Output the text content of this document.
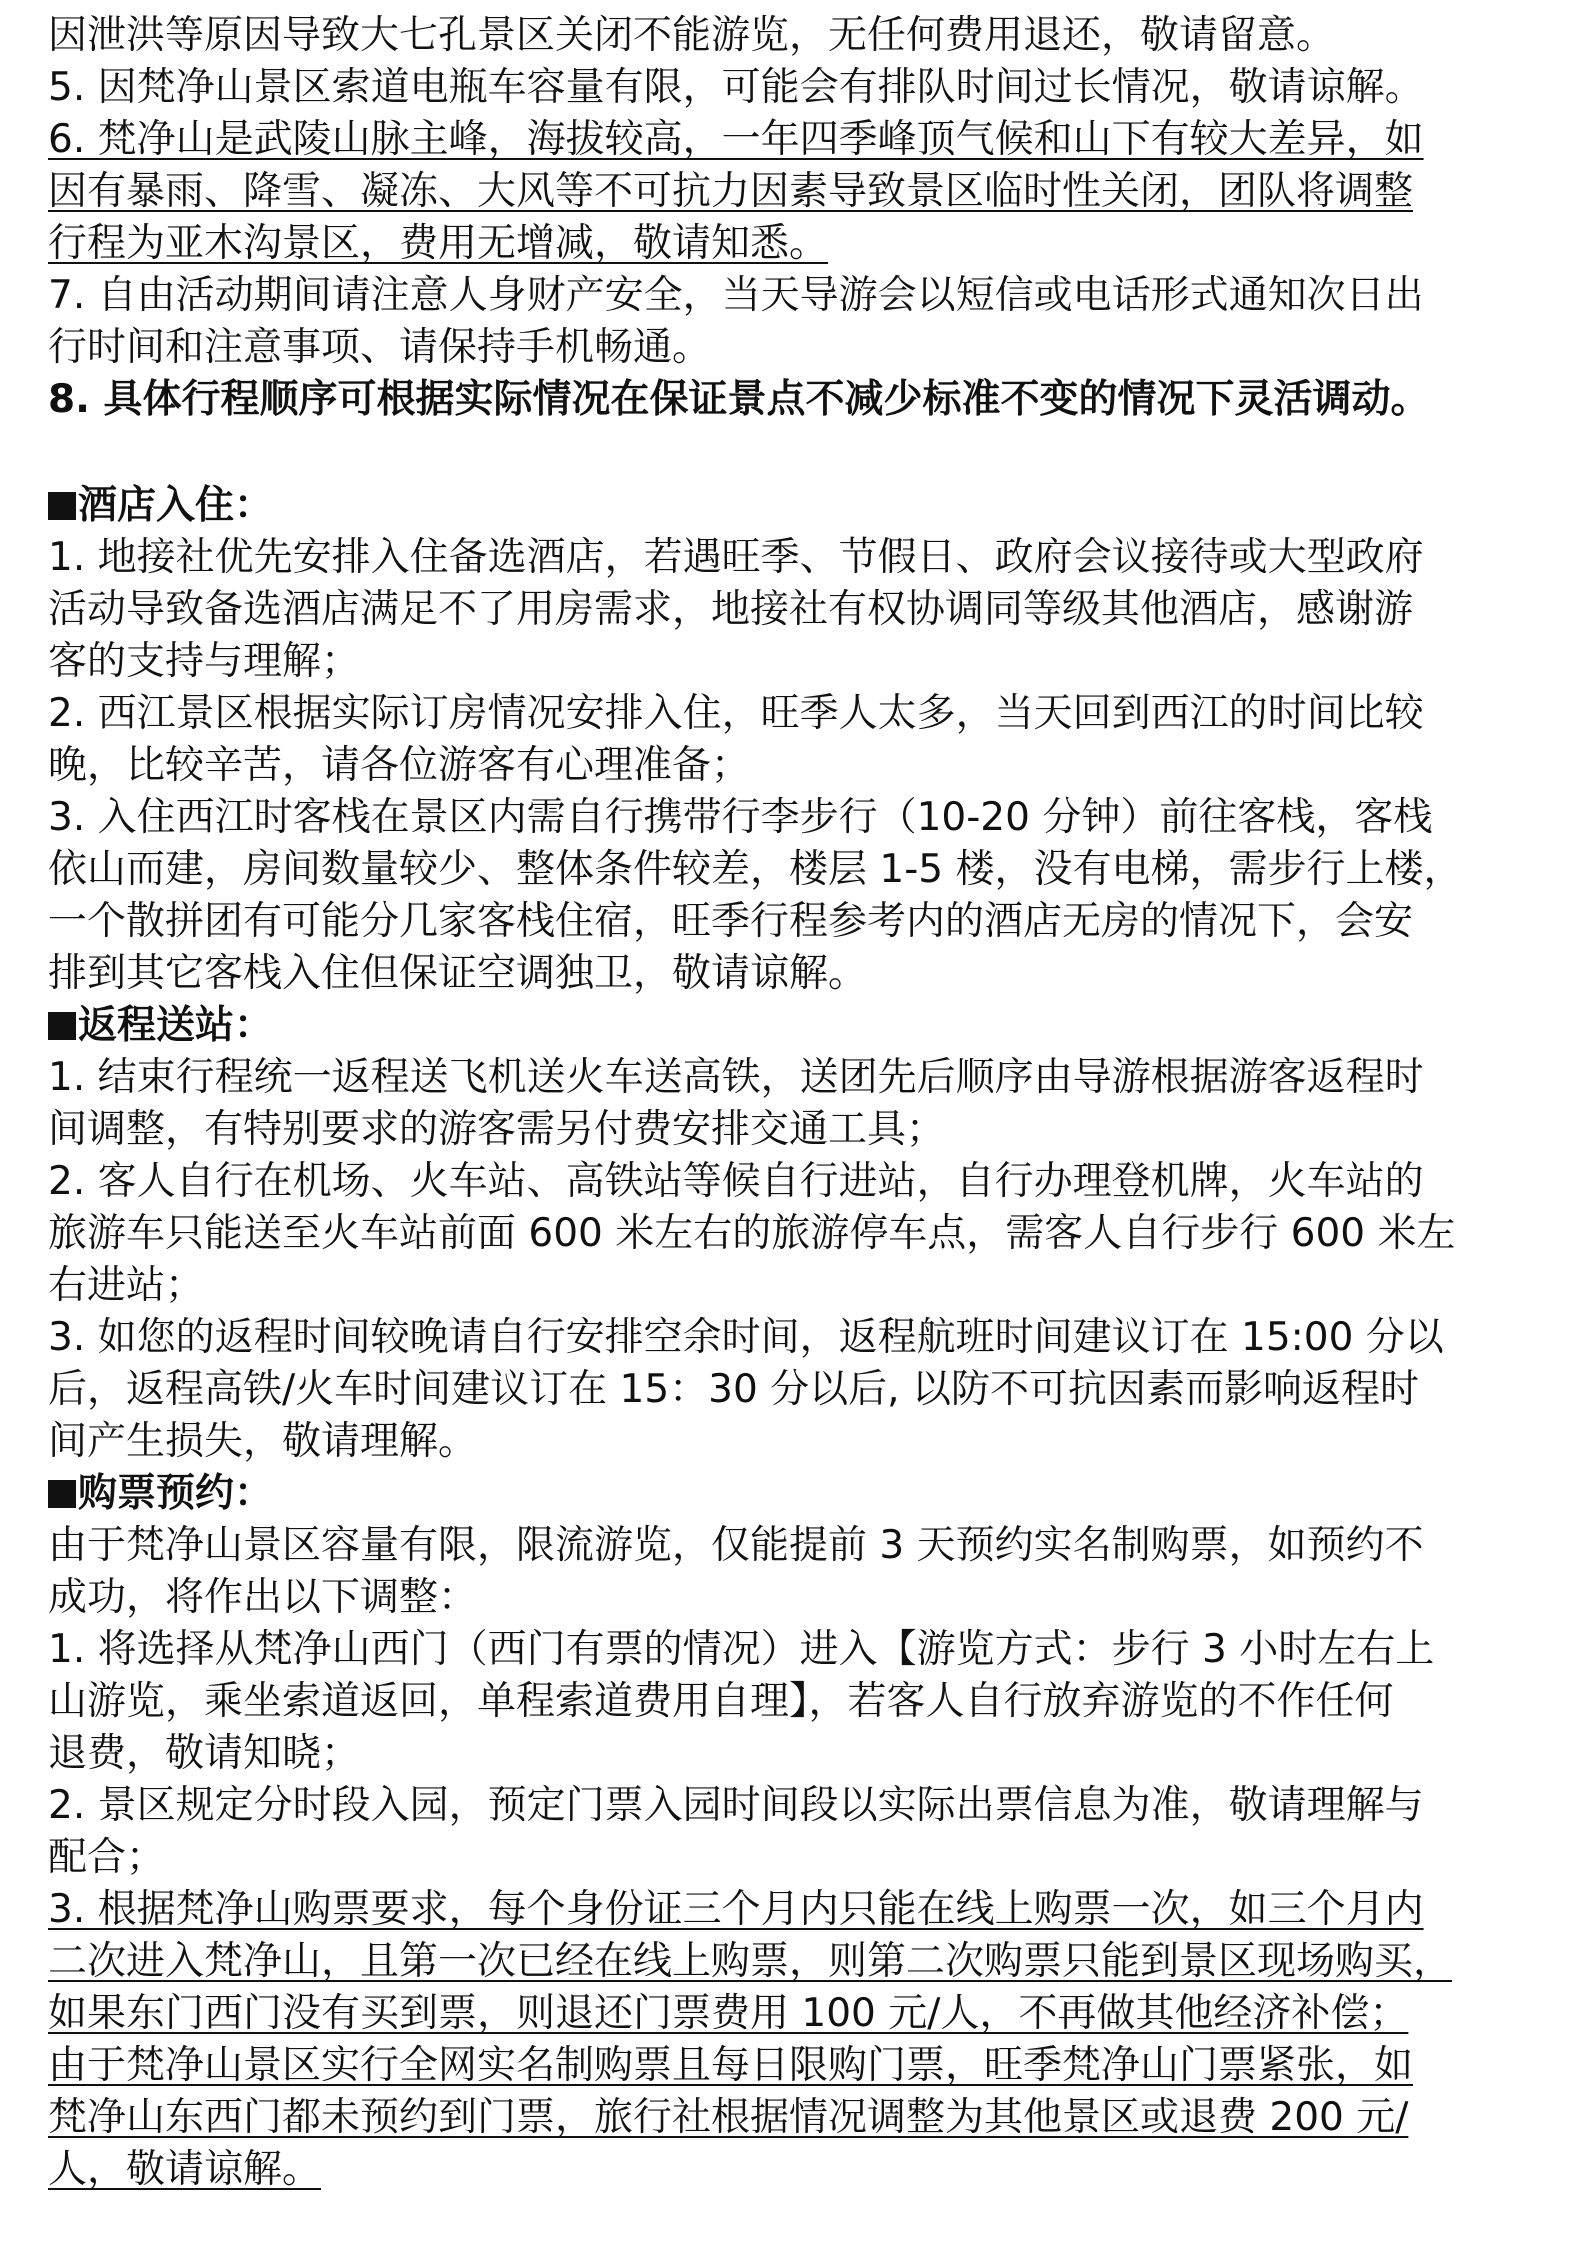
因泄洪等原因导致大七孔景区关闭不能游览，无任何费用退还，敬请留意。
5. 因梵净山景区索道电瓶车容量有限，可能会有排队时间过长情况，敬请谅解。
6. 梵净山是武陵山脉主峰，海拔较高，一年四季峰顶气候和山下有较大差异，如
因有暴雨、降雪、凝冻、大风等不可抗力因素导致景区临时性关闭，团队将调整
行程为亚木沟景区，费用无增减，敬请知悉。
7. 自由活动期间请注意人身财产安全，当天导游会以短信或电话形式通知次日出
行时间和注意事项、请保持手机畅通。
8. 具体行程顺序可根据实际情况在保证景点不减少标准不变的情况下灵活调动。
酒店入住：
1. 地接社优先安排入住备选酒店，若遇旺季、节假日、政府会议接待或大型政府
活动导致备选酒店满足不了用房需求，地接社有权协调同等级其他酒店，感谢游
客的支持与理解；
2. 西江景区根据实际订房情况安排入住，旺季人太多，当天回到西江的时间比较
晚，比较辛苦，请各位游客有心理准备；
3. 入住西江时客栈在景区内需自行携带行李步行（10-20 分钟）前往客栈，客栈
依山而建，房间数量较少、整体条件较差，楼层 1-5 楼，没有电梯，需步行上楼，
一个散拼团有可能分几家客栈住宿，旺季行程参考内的酒店无房的情况下，会安
排到其它客栈入住但保证空调独卫，敬请谅解。
返程送站：
1. 结束行程统一返程送飞机送火车送高铁，送团先后顺序由导游根据游客返程时
间调整，有特别要求的游客需另付费安排交通工具；
2. 客人自行在机场、火车站、高铁站等候自行进站，自行办理登机牌，火车站的
旅游车只能送至火车站前面 600 米左右的旅游停车点，需客人自行步行 600 米左
右进站；
3. 如您的返程时间较晚请自行安排空余时间，返程航班时间建议订在 15:00 分以
后，返程高铁/火车时间建议订在 15：30 分以后, 以防不可抗因素而影响返程时
间产生损失，敬请理解。
购票预约：
由于梵净山景区容量有限，限流游览，仅能提前 3 天预约实名制购票，如预约不
成功，将作出以下调整：
1. 将选择从梵净山西门（西门有票的情况）进入【游览方式：步行 3 小时左右上
山游览，乘坐索道返回，单程索道费用自理】，若客人自行放弃游览的不作任何
退费，敬请知晓；
2. 景区规定分时段入园，预定门票入园时间段以实际出票信息为准，敬请理解与
配合；
3. 根据梵净山购票要求，每个身份证三个月内只能在线上购票一次，如三个月内
二次进入梵净山，且第一次已经在线上购票，则第二次购票只能到景区现场购买，
如果东门西门没有买到票，则退还门票费用 100 元/人，不再做其他经济补偿；
由于梵净山景区实行全网实名制购票且每日限购门票，旺季梵净山门票紧张，如
梵净山东西门都未预约到门票，旅行社根据情况调整为其他景区或退费 200 元/
人，敬请谅解。
